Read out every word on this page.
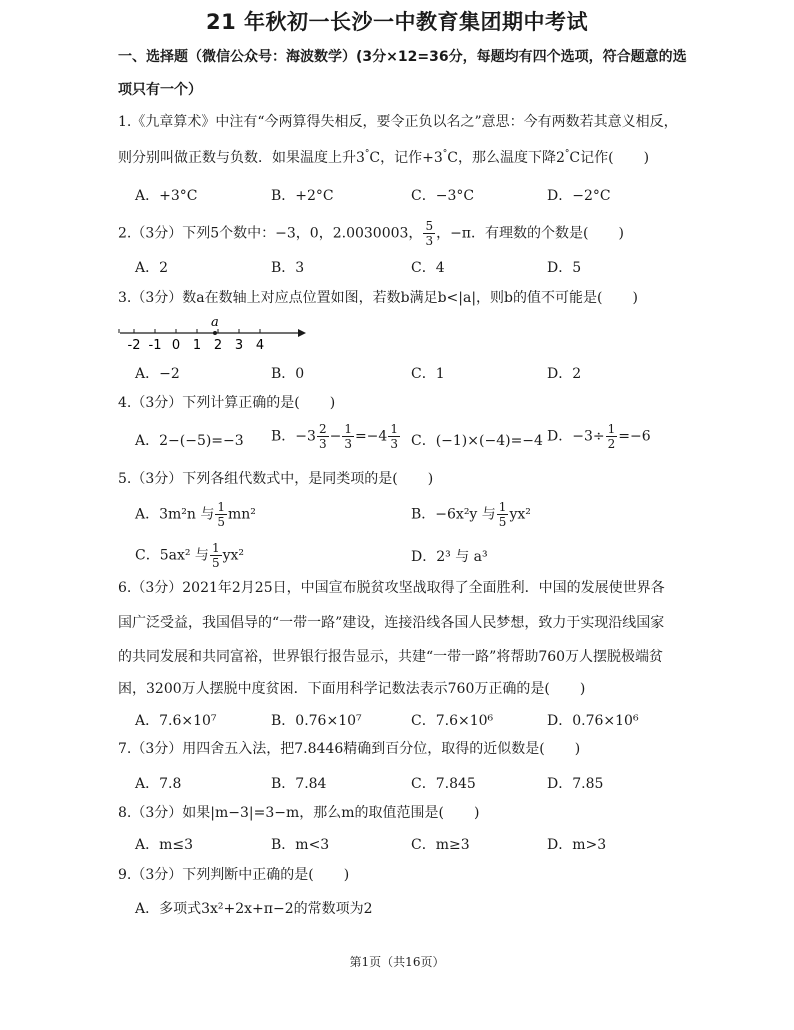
21 年秋初一长沙一中教育集团期中考试
一、选择题（微信公众号：海波数学）(3分×12=36分，每题均有四个选项，符合题意的选项只有一个）
1.《九章算术》中注有“今两算得失相反，要令正负以名之”意思：今有两数若其意义相反，
则分别叫做正数与负数．如果温度上升3°C，记作+3°C，那么温度下降2°C记作( )
A．+3°C	B．+2°C	C．−3°C	D．−2°C
2.（3分）下列5个数中：−3，0，2.0030003， $\frac{5}{3}$ ，−π．有理数的个数是( )
A．2	B．3	C．4	D．5
3.（3分）数a在数轴上对应点位置如图，若数b满足b<|a|，则b的值不可能是( )
-2 -1 0 1 2 3 4
a
A．−2	B．0	C．1	D．2
4.（3分）下列计算正确的是( )
A．2−(−5)=−3 B．$-3 \frac{2}{3} - \frac{1}{3} =-4 \frac{1}{3}$ C．(−1)×(−4)=−4 D．$-3\div \frac{1}{2} =-6$
5.（3分）下列各组代数式中，是同类项的是( )
A．3m²n 与 $\frac{1}{5} mn^2$	B．−6x²y 与 $\frac{1}{5} yx^2$
C．5ax² 与 $\frac{1}{5} yx^2$	D．2³ 与 a³
6.（3分）2021年2月25日，中国宣布脱贫攻坚战取得了全面胜利．中国的发展使世界各
国广泛受益，我国倡导的“一带一路”建设，连接沿线各国人民梦想，致力于实现沿线国家
的共同发展和共同富裕，世界银行报告显示，共建“一带一路”将帮助760万人摆脱极端贫
困，3200万人摆脱中度贫困．下面用科学记数法表示760万正确的是( )
A．7.6×10⁷	B．0.76×10⁷	C．7.6×10⁶	D．0.76×10⁶
7.（3分）用四舍五入法，把7.8446精确到百分位，取得的近似数是( )
A．7.8	B．7.84	C．7.845	D．7.85
8.（3分）如果|m−3|=3−m，那么m的取值范围是( )
A．m≤3	B．m<3	C．m≥3	D．m>3
9.（3分）下列判断中正确的是( )
A．多项式3x²+2x+π−2的常数项为2
第1页（共16页）
